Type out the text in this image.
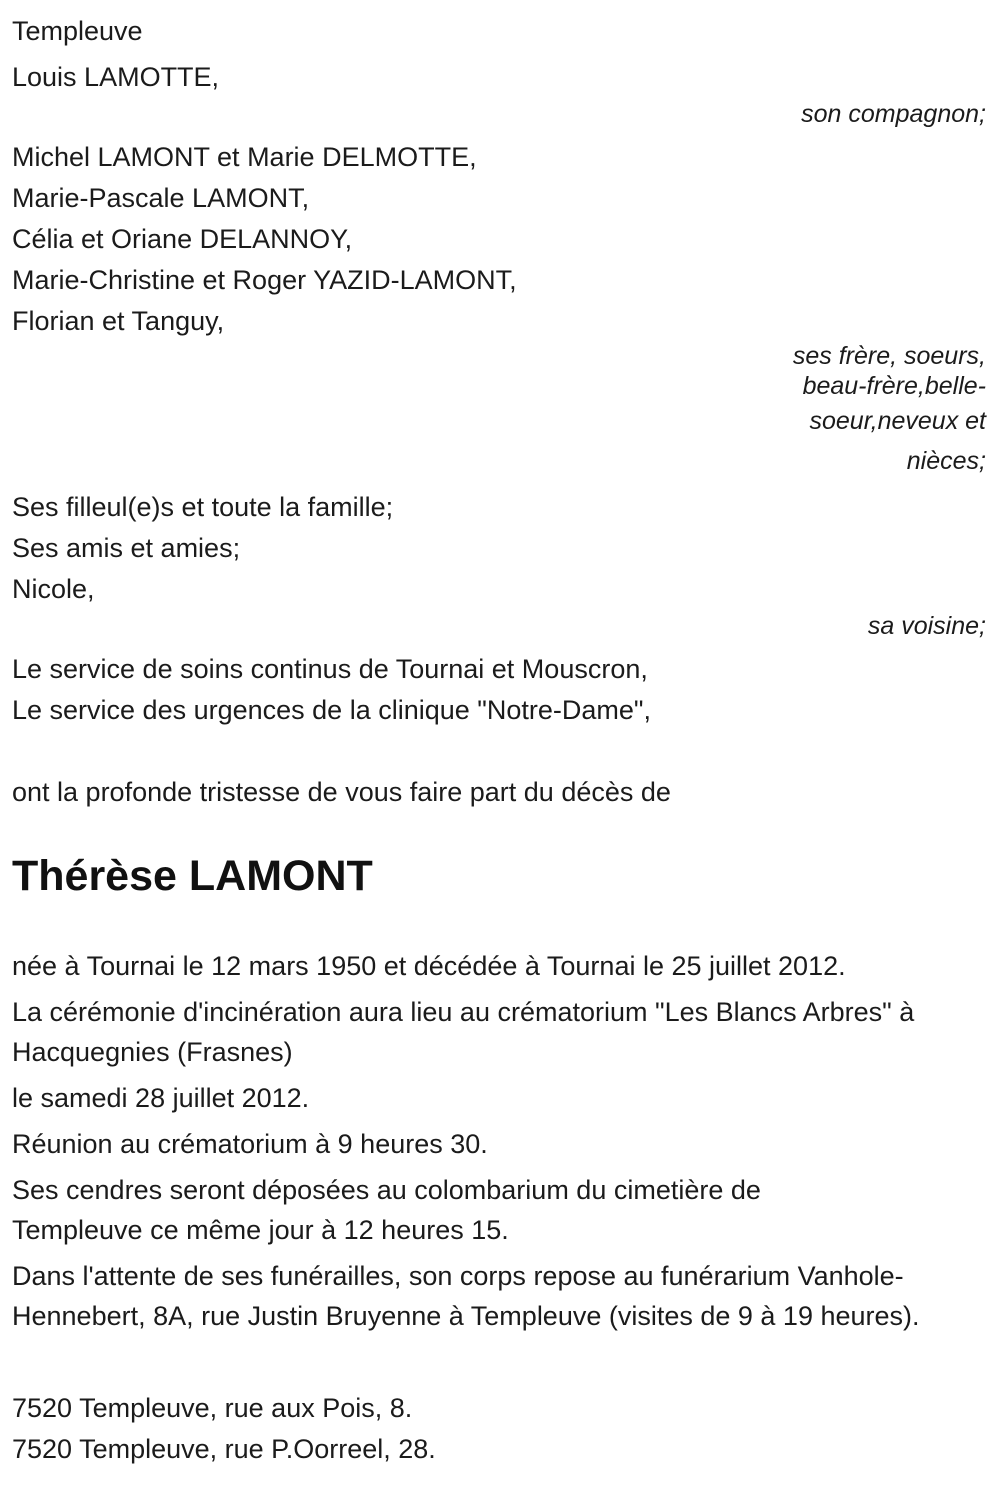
Templeuve

Louis LAMOTTE,

son compagnon;

Michel LAMONT et Marie DELMOTTE,

Marie-Pascale LAMONT,

Célia et Oriane DELANNOY,

Marie-Christine et Roger YAZID-LAMONT,

Florian et Tanguy,

ses frère, soeurs,
beau-frère,belle-
soeur,neveux et
nièces;

Ses filleul(e)s et toute la famille;

Ses amis et amies;

Nicole,

sa voisine;

Le service de soins continus de Tournai et Mouscron,

Le service des urgences de la clinique "Notre-Dame",

ont la profonde tristesse de vous faire part du décès de

Thérèse LAMONT

née à Tournai le 12 mars 1950 et décédée à Tournai le 25 juillet 2012.

La cérémonie d'incinération aura lieu au crématorium "Les Blancs Arbres" à Hacquegnies (Frasnes)

le samedi 28 juillet 2012.

Réunion au crématorium à 9 heures 30.

Ses cendres seront déposées au colombarium du cimetière de Templeuve ce même jour à 12 heures 15.

Dans l'attente de ses funérailles, son corps repose au funérarium Vanhole-Hennebert, 8A, rue Justin Bruyenne à Templeuve (visites de 9 à 19 heures).

7520 Templeuve, rue aux Pois, 8.

7520 Templeuve, rue P.Oorreel, 28.
